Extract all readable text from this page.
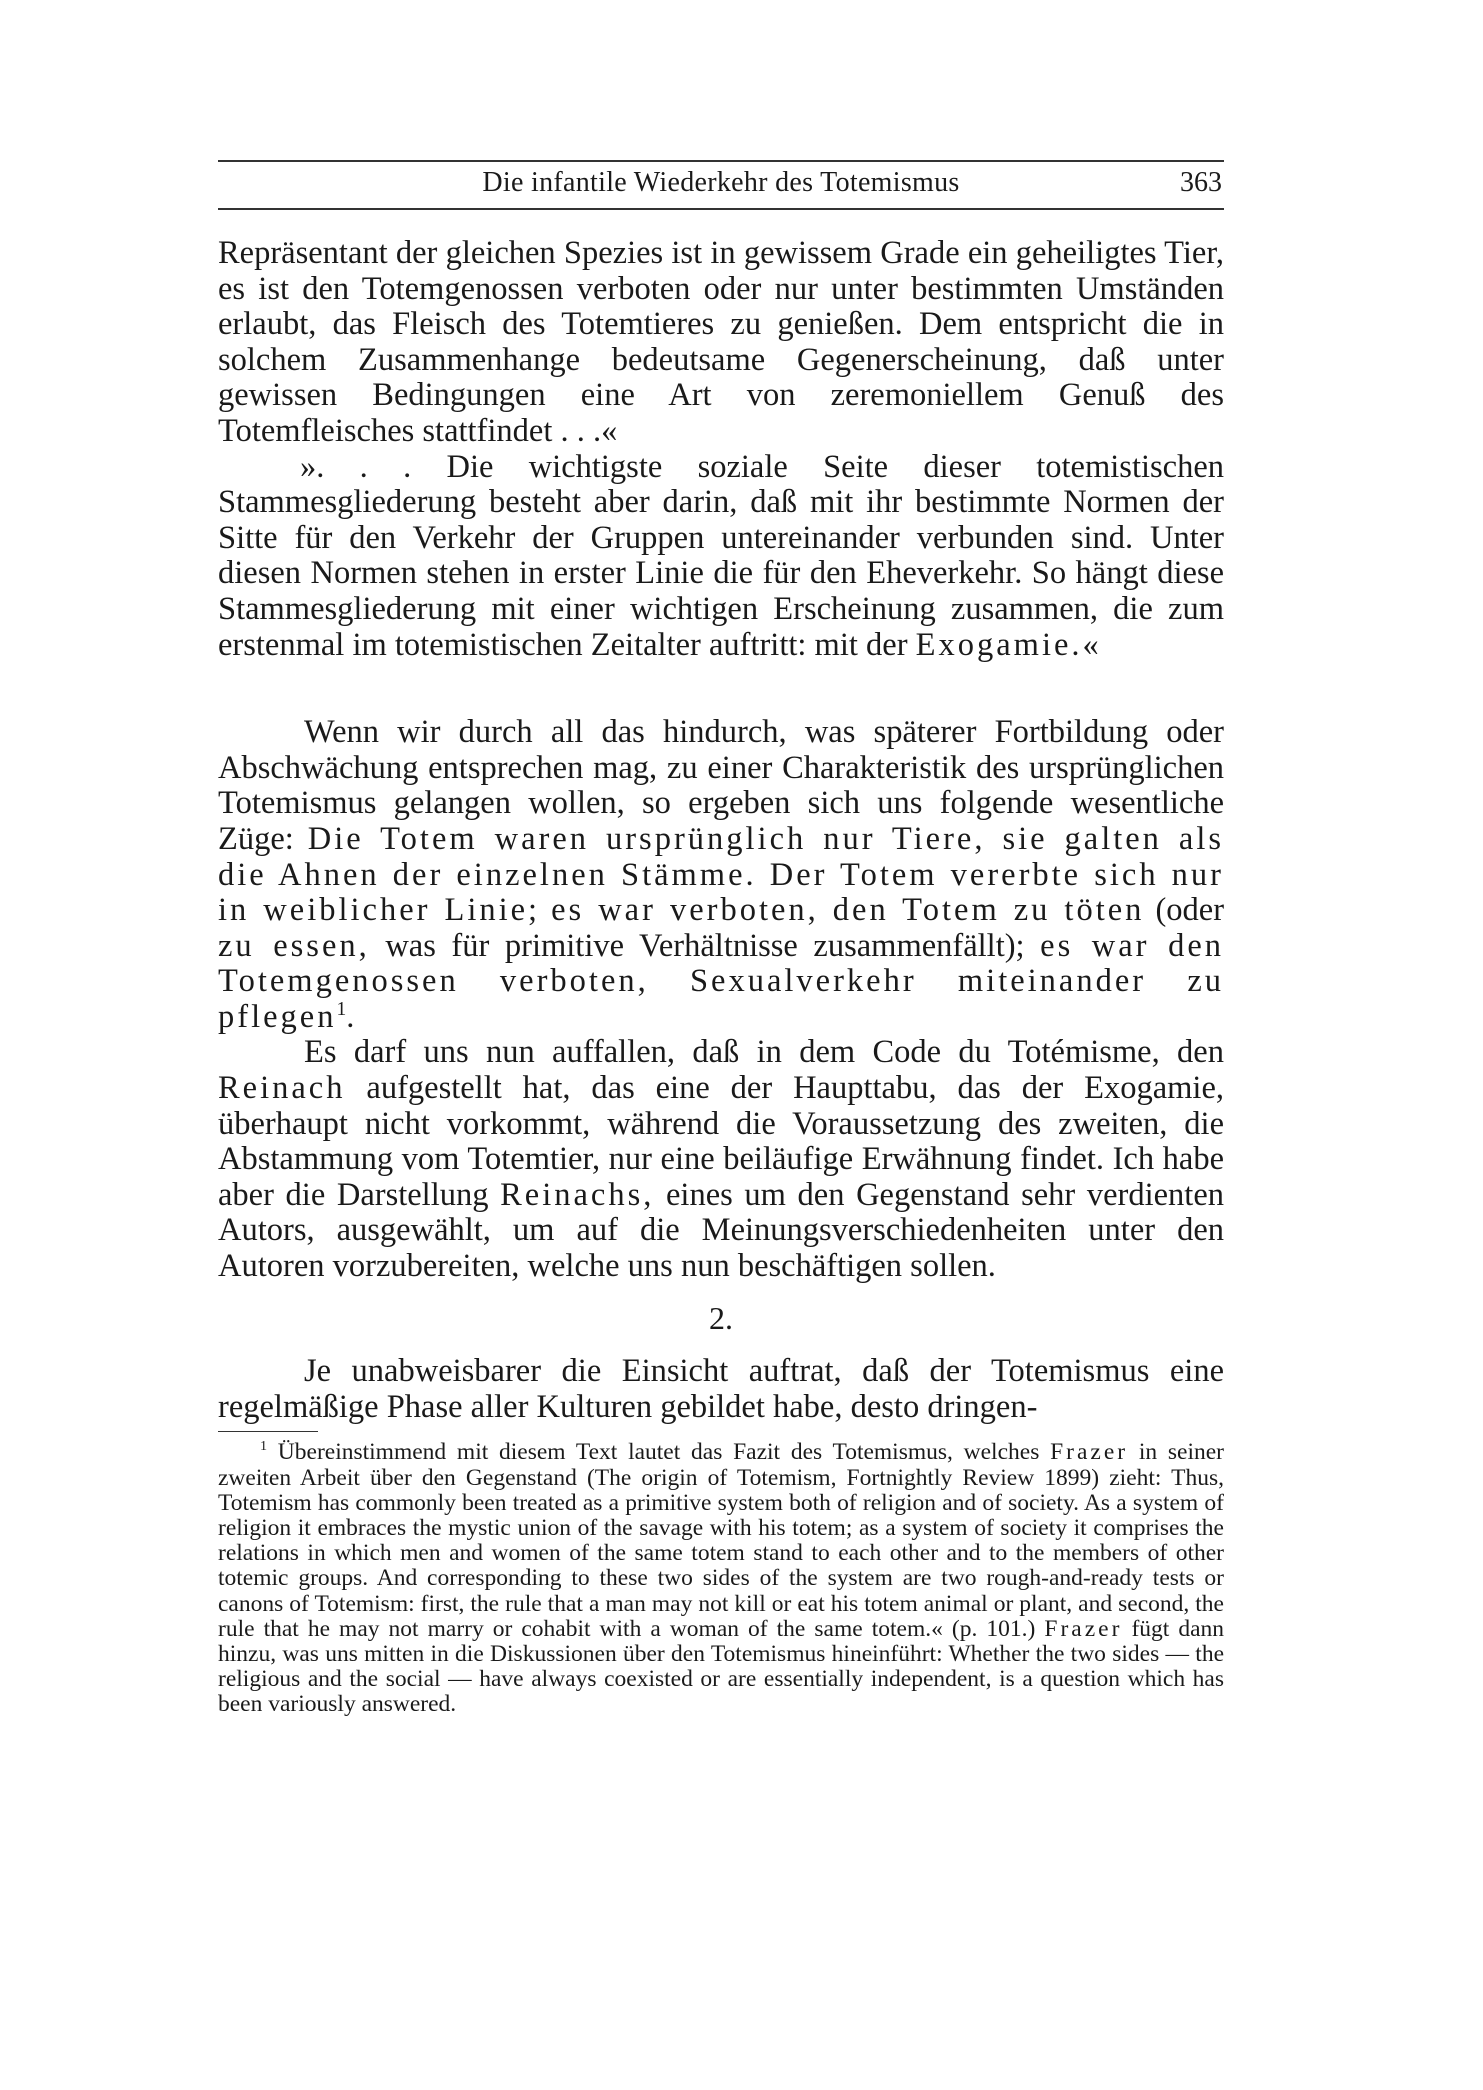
Die infantile Wiederkehr des Totemismus	363

Repräsentant der gleichen Spezies ist in gewissem Grade ein geheiligtes Tier, es ist den Totemgenossen verboten oder nur unter bestimmten Umständen erlaubt, das Fleisch des Totemtieres zu genießen. Dem entspricht die in solchem Zusammenhange bedeutsame Gegenerscheinung, daß unter gewissen Bedingungen eine Art von zeremoniellem Genuß des Totemfleisches stattfindet . . .«

». . . Die wichtigste soziale Seite dieser totemistischen Stammesgliederung besteht aber darin, daß mit ihr bestimmte Normen der Sitte für den Verkehr der Gruppen untereinander verbunden sind. Unter diesen Normen stehen in erster Linie die für den Eheverkehr. So hängt diese Stammesgliederung mit einer wichtigen Erscheinung zusammen, die zum erstenmal im totemistischen Zeitalter auftritt: mit der Exogamie.«

Wenn wir durch all das hindurch, was späterer Fortbildung oder Abschwächung entsprechen mag, zu einer Charakteristik des ursprünglichen Totemismus gelangen wollen, so ergeben sich uns folgende wesentliche Züge: Die Totem waren ursprünglich nur Tiere, sie galten als die Ahnen der einzelnen Stämme. Der Totem vererbte sich nur in weiblicher Linie; es war verboten, den Totem zu töten (oder zu essen, was für primitive Verhältnisse zusammenfällt); es war den Totemgenossen verboten, Sexualverkehr miteinander zu pflegen$^1$.

Es darf uns nun auffallen, daß in dem Code du Totémisme, den Reinach aufgestellt hat, das eine der Haupttabu, das der Exogamie, überhaupt nicht vorkommt, während die Voraussetzung des zweiten, die Abstammung vom Totemtier, nur eine beiläufige Erwähnung findet. Ich habe aber die Darstellung Reinachs, eines um den Gegenstand sehr verdienten Autors, ausgewählt, um auf die Meinungsverschiedenheiten unter den Autoren vorzubereiten, welche uns nun beschäftigen sollen.

2.

Je unabweisbarer die Einsicht auftrat, daß der Totemismus eine regelmäßige Phase aller Kulturen gebildet habe, desto dringen-

$^1$ Übereinstimmend mit diesem Text lautet das Fazit des Totemismus, welches Frazer in seiner zweiten Arbeit über den Gegenstand (The origin of Totemism, Fortnightly Review 1899) zieht: Thus, Totemism has commonly been treated as a primitive system both of religion and of society. As a system of religion it embraces the mystic union of the savage with his totem; as a system of society it comprises the relations in which men and women of the same totem stand to each other and to the members of other totemic groups. And corresponding to these two sides of the system are two rough-and-ready tests or canons of Totemism: first, the rule that a man may not kill or eat his totem animal or plant, and second, the rule that he may not marry or cohabit with a woman of the same totem.« (p. 101.) Frazer fügt dann hinzu, was uns mitten in die Diskussionen über den Totemismus hineinführt: Whether the two sides — the religious and the social — have always coexisted or are essentially independent, is a question which has been variously answered.
